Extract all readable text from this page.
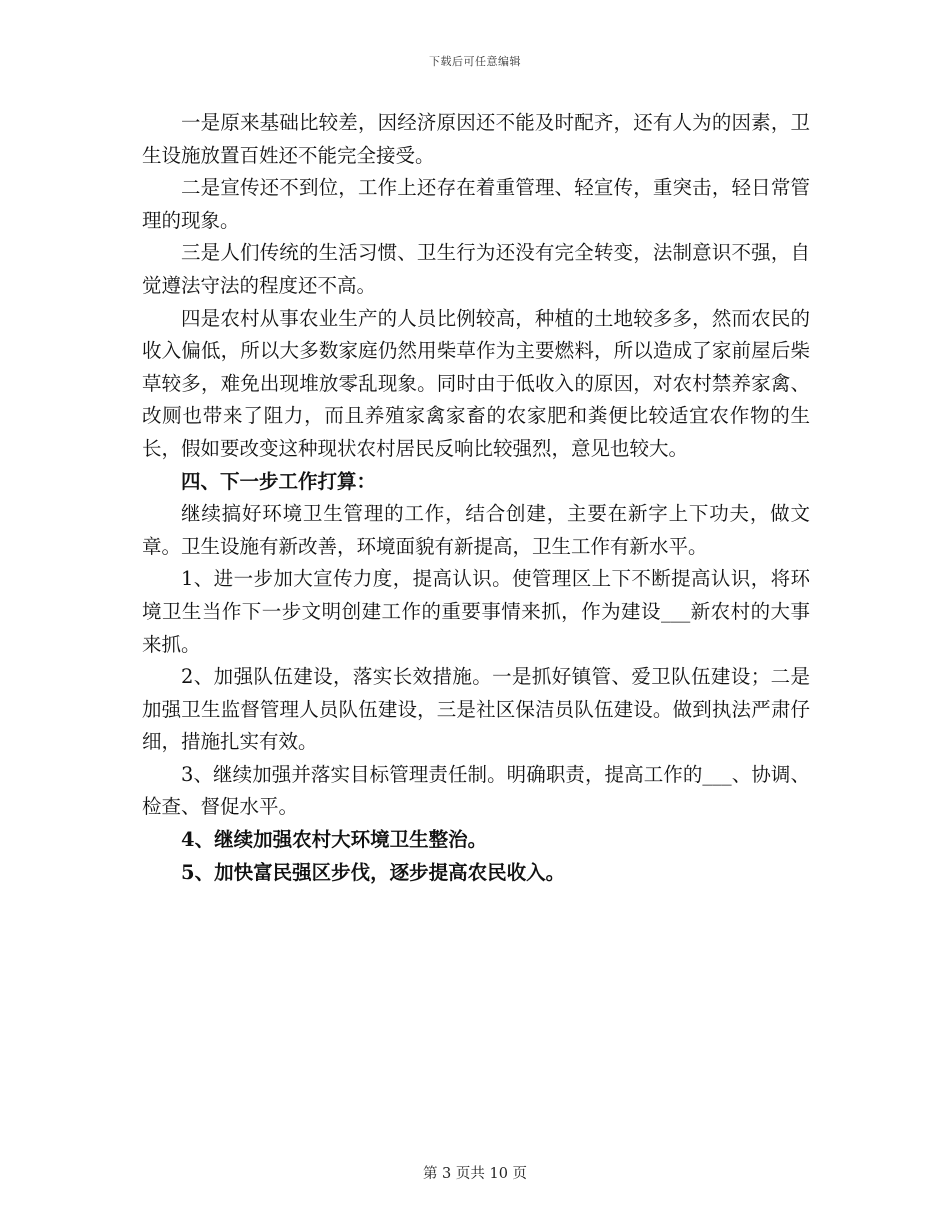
下载后可任意编辑

一是原来基础比较差，因经济原因还不能及时配齐，还有人为的因素，卫生设施放置百姓还不能完全接受。

二是宣传还不到位，工作上还存在着重管理、轻宣传，重突击，轻日常管理的现象。

三是人们传统的生活习惯、卫生行为还没有完全转变，法制意识不强，自觉遵法守法的程度还不高。

四是农村从事农业生产的人员比例较高，种植的土地较多多，然而农民的收入偏低，所以大多数家庭仍然用柴草作为主要燃料，所以造成了家前屋后柴草较多，难免出现堆放零乱现象。同时由于低收入的原因，对农村禁养家禽、改厕也带来了阻力，而且养殖家禽家畜的农家肥和粪便比较适宜农作物的生长，假如要改变这种现状农村居民反响比较强烈，意见也较大。

四、下一步工作打算：

继续搞好环境卫生管理的工作，结合创建，主要在新字上下功夫，做文章。卫生设施有新改善，环境面貌有新提高，卫生工作有新水平。

1、进一步加大宣传力度，提高认识。使管理区上下不断提高认识，将环境卫生当作下一步文明创建工作的重要事情来抓，作为建设___新农村的大事来抓。

2、加强队伍建设，落实长效措施。一是抓好镇管、爱卫队伍建设；二是加强卫生监督管理人员队伍建设，三是社区保洁员队伍建设。做到执法严肃仔细，措施扎实有效。

3、继续加强并落实目标管理责任制。明确职责，提高工作的___、协调、检查、督促水平。

4、继续加强农村大环境卫生整治。

5、加快富民强区步伐，逐步提高农民收入。

第 3 页共 10 页
